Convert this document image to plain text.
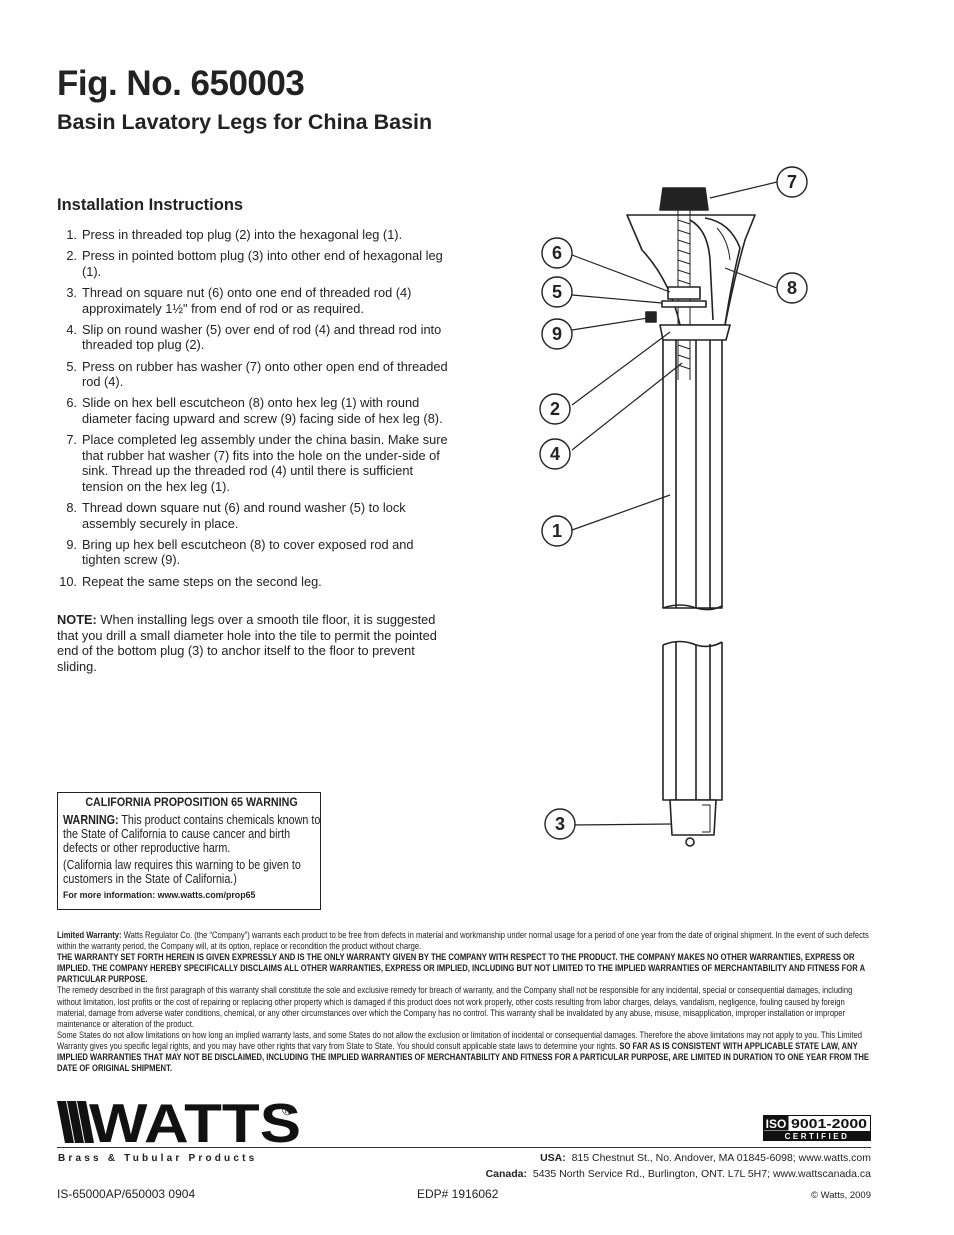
Fig. No. 650003
Basin Lavatory Legs for China Basin
Installation Instructions
1. Press in threaded top plug (2) into the hexagonal leg (1).
2. Press in pointed bottom plug (3) into other end of hexagonal leg (1).
3. Thread on square nut (6) onto one end of threaded rod (4) approximately 1½" from end of rod or as required.
4. Slip on round washer (5) over end of rod (4) and thread rod into threaded top plug (2).
5. Press on rubber has washer (7) onto other open end of threaded rod (4).
6. Slide on hex bell escutcheon (8) onto hex leg (1) with round diameter facing upward and screw (9) facing side of hex leg (8).
7. Place completed leg assembly under the china basin. Make sure that rubber hat washer (7) fits into the hole on the under-side of sink. Thread up the threaded rod (4) until there is sufficient tension on the hex leg (1).
8. Thread down square nut (6) and round washer (5) to lock assembly securely in place.
9. Bring up hex bell escutcheon (8) to cover exposed rod and tighten screw (9).
10. Repeat the same steps on the second leg.

NOTE: When installing legs over a smooth tile floor, it is suggested that you drill a small diameter hole into the tile to permit the pointed end of the bottom plug (3) to anchor itself to the floor to prevent sliding.

7
6
8
5
9
2
4
1
3

CALIFORNIA PROPOSITION 65 WARNING

WARNING: This product contains chemicals known to the State of California to cause cancer and birth defects or other reproductive harm.

(California law requires this warning to be given to customers in the State of California.)

For more information: www.watts.com/prop65

Limited Warranty: Watts Regulator Co. (the “Company”) warrants each product to be free from defects in material and workmanship under normal usage for a period of one year from the date of original shipment. In the event of such defects within the warranty period, the Company will, at its option, replace or recondition the product without charge.

THE WARRANTY SET FORTH HEREIN IS GIVEN EXPRESSLY AND IS THE ONLY WARRANTY GIVEN BY THE COMPANY WITH RESPECT TO THE PRODUCT. THE COMPANY MAKES NO OTHER WARRANTIES, EXPRESS OR IMPLIED. THE COMPANY HEREBY SPECIFICALLY DISCLAIMS ALL OTHER WARRANTIES, EXPRESS OR IMPLIED, INCLUDING BUT NOT LIMITED TO THE IMPLIED WARRANTIES OF MERCHANTABILITY AND FITNESS FOR A PARTICULAR PURPOSE.

The remedy described in the first paragraph of this warranty shall constitute the sole and exclusive remedy for breach of warranty, and the Company shall not be responsible for any incidental, special or consequential damages, including without limitation, lost profits or the cost of repairing or replacing other property which is damaged if this product does not work properly, other costs resulting from labor charges, delays, vandalism, negligence, fouling caused by foreign material, damage from adverse water conditions, chemical, or any other circumstances over which the Company has no control. This warranty shall be invalidated by any abuse, misuse, misapplication, improper installation or improper maintenance or alteration of the product.

Some States do not allow limitations on how long an implied warranty lasts, and some States do not allow the exclusion or limitation of incidental or consequential damages. Therefore the above limitations may not apply to you. This Limited Warranty gives you specific legal rights, and you may have other rights that vary from State to State. You should consult applicable state laws to determine your rights. SO FAR AS IS CONSISTENT WITH APPLICABLE STATE LAW, ANY IMPLIED WARRANTIES THAT MAY NOT BE DISCLAIMED, INCLUDING THE IMPLIED WARRANTIES OF MERCHANTABILITY AND FITNESS FOR A PARTICULAR PURPOSE, ARE LIMITED IN DURATION TO ONE YEAR FROM THE DATE OF ORIGINAL SHIPMENT.

WATTS
®

Brass & Tubular Products

ISO 9001-2000
CERTIFIED

USA: 815 Chestnut St., No. Andover, MA 01845-6098; www.watts.com

Canada: 5435 North Service Rd., Burlington, ONT. L7L 5H7; www.wattscanada.ca

IS-65000AP/650003 0904	EDP# 1916062	© Watts, 2009
